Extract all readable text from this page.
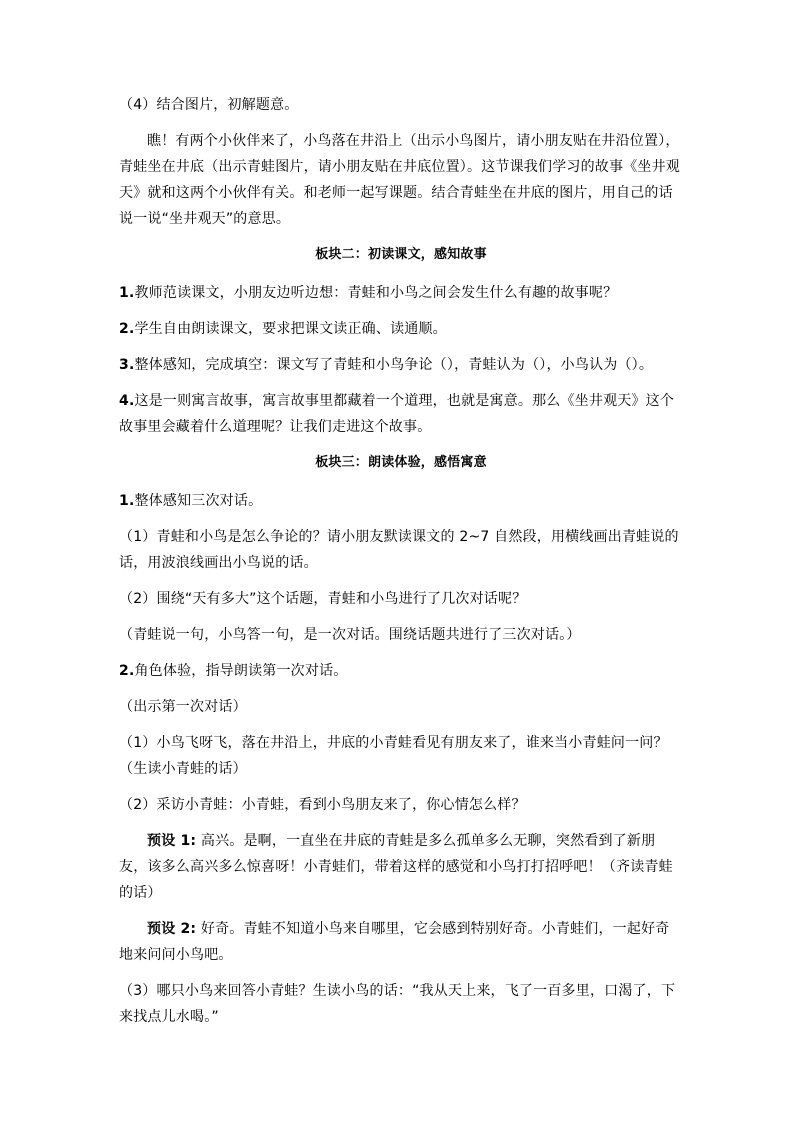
（4）结合图片，初解题意。

瞧！有两个小伙伴来了，小鸟落在井沿上（出示小鸟图片，请小朋友贴在井沿位置），青蛙坐在井底（出示青蛙图片，请小朋友贴在井底位置）。这节课我们学习的故事《坐井观天》就和这两个小伙伴有关。和老师一起写课题。结合青蛙坐在井底的图片，用自己的话说一说“坐井观天”的意思。

板块二：初读课文，感知故事

1.教师范读课文，小朋友边听边想：青蛙和小鸟之间会发生什么有趣的故事呢？

2.学生自由朗读课文，要求把课文读正确、读通顺。

3.整体感知，完成填空：课文写了青蛙和小鸟争论（），青蛙认为（），小鸟认为（）。

4.这是一则寓言故事，寓言故事里都藏着一个道理，也就是寓意。那么《坐井观天》这个故事里会藏着什么道理呢？让我们走进这个故事。

板块三：朗读体验，感悟寓意

1.整体感知三次对话。

（1）青蛙和小鸟是怎么争论的？请小朋友默读课文的 2~7 自然段，用横线画出青蛙说的话，用波浪线画出小鸟说的话。

（2）围绕“天有多大”这个话题，青蛙和小鸟进行了几次对话呢？

（青蛙说一句，小鸟答一句，是一次对话。围绕话题共进行了三次对话。）

2.角色体验，指导朗读第一次对话。

（出示第一次对话）

（1）小鸟飞呀飞，落在井沿上，井底的小青蛙看见有朋友来了，谁来当小青蛙问一问？（生读小青蛙的话）

（2）采访小青蛙：小青蛙，看到小鸟朋友来了，你心情怎么样？

预设 1: 高兴。是啊，一直坐在井底的青蛙是多么孤单多么无聊，突然看到了新朋友，该多么高兴多么惊喜呀！小青蛙们，带着这样的感觉和小鸟打打招呼吧！（齐读青蛙的话）

预设 2: 好奇。青蛙不知道小鸟来自哪里，它会感到特别好奇。小青蛙们，一起好奇地来问问小鸟吧。

（3）哪只小鸟来回答小青蛙？生读小鸟的话：“我从天上来，飞了一百多里，口渴了，下来找点儿水喝。”
